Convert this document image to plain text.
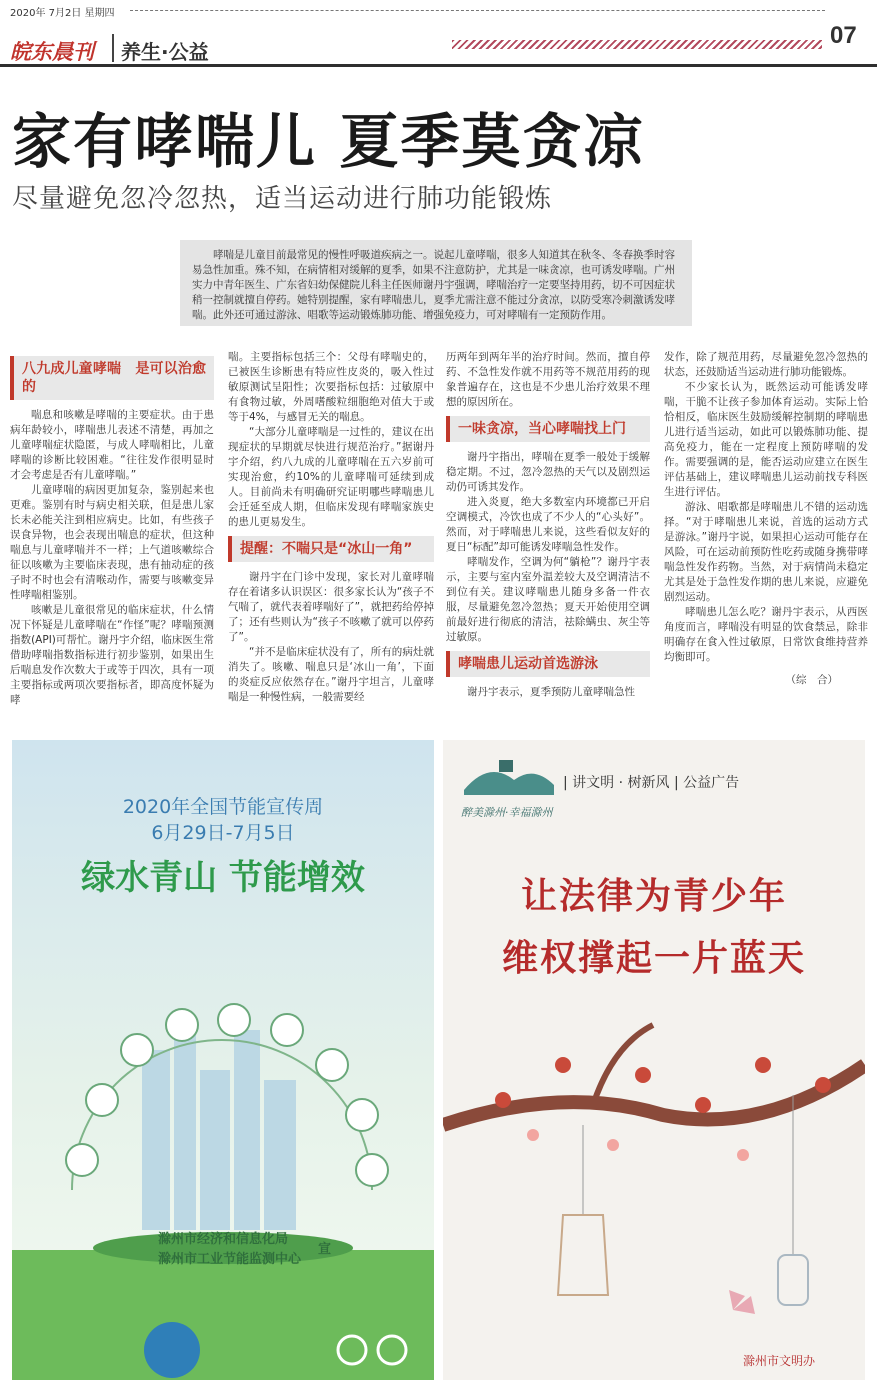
2020年 7月2日 星期四
07
皖东晨刊 养生·公益
家有哮喘儿 夏季莫贪凉
尽量避免忽冷忽热，适当运动进行肺功能锻炼
哮喘是儿童目前最常见的慢性呼吸道疾病之一。说起儿童哮喘，很多人知道其在秋冬、冬春换季时容易急性加重。殊不知，在病情相对缓解的夏季，如果不注意防护，尤其是一味贪凉，也可诱发哮喘。广州实力中青年医生、广东省妇幼保健院儿科主任医师谢丹宇强调，哮喘治疗一定要坚持用药，切不可因症状稍一控制就擅自停药。她特别提醒，家有哮喘患儿，夏季尤需注意不能过分贪凉，以防受寒冷刺激诱发哮喘。此外还可通过游泳、唱歌等运动锻炼肺功能、增强免疫力，可对哮喘有一定预防作用。
八九成儿童哮喘　是可以治愈的

喘息和咳嗽是哮喘的主要症状。由于患病年龄较小，哮喘患儿表述不清楚，再加之儿童哮喘症状隐匿，与成人哮喘相比，儿童哮喘的诊断比较困难。“往往发作很明显时才会考虑是否有儿童哮喘。”

儿童哮喘的病因更加复杂，鉴别起来也更难。鉴别有时与病史相关联，但是患儿家长未必能关注到相应病史。比如，有些孩子误食异物，也会表现出喘息的症状，但这种喘息与儿童哮喘并不一样；上气道咳嗽综合征以咳嗽为主要临床表现，患有抽动症的孩子时不时也会有清喉动作，需要与咳嗽变异性哮喘相鉴别。

咳嗽是儿童很常见的临床症状，什么情况下怀疑是儿童哮喘在“作怪”呢？哮喘预测指数(API)可帮忙。谢丹宇介绍，临床医生常借助哮喘指数指标进行初步鉴别，如果出生后喘息发作次数大于或等于四次，具有一项主要指标或两项次要指标者，即高度怀疑为哮

喘。主要指标包括三个：父母有哮喘史的，已被医生诊断患有特应性皮炎的，吸入性过敏原测试呈阳性；次要指标包括：过敏原中有食物过敏，外周嗜酸粒细胞绝对值大于或等于4%，与感冒无关的喘息。

“大部分儿童哮喘是一过性的，建议在出现症状的早期就尽快进行规范治疗。”据谢丹宇介绍，约八九成的儿童哮喘在五六岁前可实现治愈，约10%的儿童哮喘可延续到成人。目前尚未有明确研究证明哪些哮喘患儿会迁延至成人期，但临床发现有哮喘家族史的患儿更易发生。

提醒：不喘只是“冰山一角”

谢丹宇在门诊中发现，家长对儿童哮喘存在着诸多认识误区：很多家长认为“孩子不气喘了，就代表着哮喘好了”，就把药给停掉了；还有些则认为“孩子不咳嗽了就可以停药了”。

“并不是临床症状没有了，所有的病灶就消失了。咳嗽、喘息只是‘冰山一角’，下面的炎症反应依然存在。”谢丹宇坦言，儿童哮喘是一种慢性病，一般需要经

历两年到两年半的治疗时间。然而，擅自停药、不急性发作就不用药等不规范用药的现象普遍存在，这也是不少患儿治疗效果不理想的原因所在。

一味贪凉，当心哮喘找上门

谢丹宇指出，哮喘在夏季一般处于缓解稳定期。不过，忽冷忽热的天气以及剧烈运动仍可诱其发作。

进入炎夏，绝大多数室内环境都已开启空调模式，冷饮也成了不少人的“心头好”。然而，对于哮喘患儿来说，这些看似友好的夏日“标配”却可能诱发哮喘急性发作。

哮喘发作，空调为何“躺枪”？谢丹宇表示，主要与室内室外温差较大及空调清洁不到位有关。建议哮喘患儿随身多备一件衣服，尽量避免忽冷忽热；夏天开始使用空调前最好进行彻底的清洁，祛除螨虫、灰尘等过敏原。

哮喘患儿运动首选游泳

谢丹宇表示，夏季预防儿童哮喘急性

发作，除了规范用药，尽量避免忽冷忽热的状态，还鼓励适当运动进行肺功能锻炼。

不少家长认为，既然运动可能诱发哮喘，干脆不让孩子参加体育运动。实际上恰恰相反，临床医生鼓励缓解控制期的哮喘患儿进行适当运动，如此可以锻炼肺功能、提高免疫力，能在一定程度上预防哮喘的发作。需要强调的是，能否运动应建立在医生评估基础上，建议哮喘患儿运动前找专科医生进行评估。

游泳、唱歌都是哮喘患儿不错的运动选择。“对于哮喘患儿来说，首选的运动方式是游泳。”谢丹宇说，如果担心运动可能存在风险，可在运动前预防性吃药或随身携带哮喘急性发作药物。当然，对于病情尚未稳定尤其是处于急性发作期的患儿来说，应避免剧烈运动。

哮喘患儿怎么吃？谢丹宇表示，从西医角度而言，哮喘没有明显的饮食禁忌，除非明确存在食入性过敏原，日常饮食维持营养均衡即可。

（综　合）

2020年全国节能宣传周
6月29日-7月5日
绿水青山 节能增效
滁州市经济和信息化局
滁州市工业节能监测中心
宣
醉美滁州·幸福滁州
| 讲文明 · 树新风 | 公益广告
让法律为青少年
维权撑起一片蓝天
滁州市文明办
